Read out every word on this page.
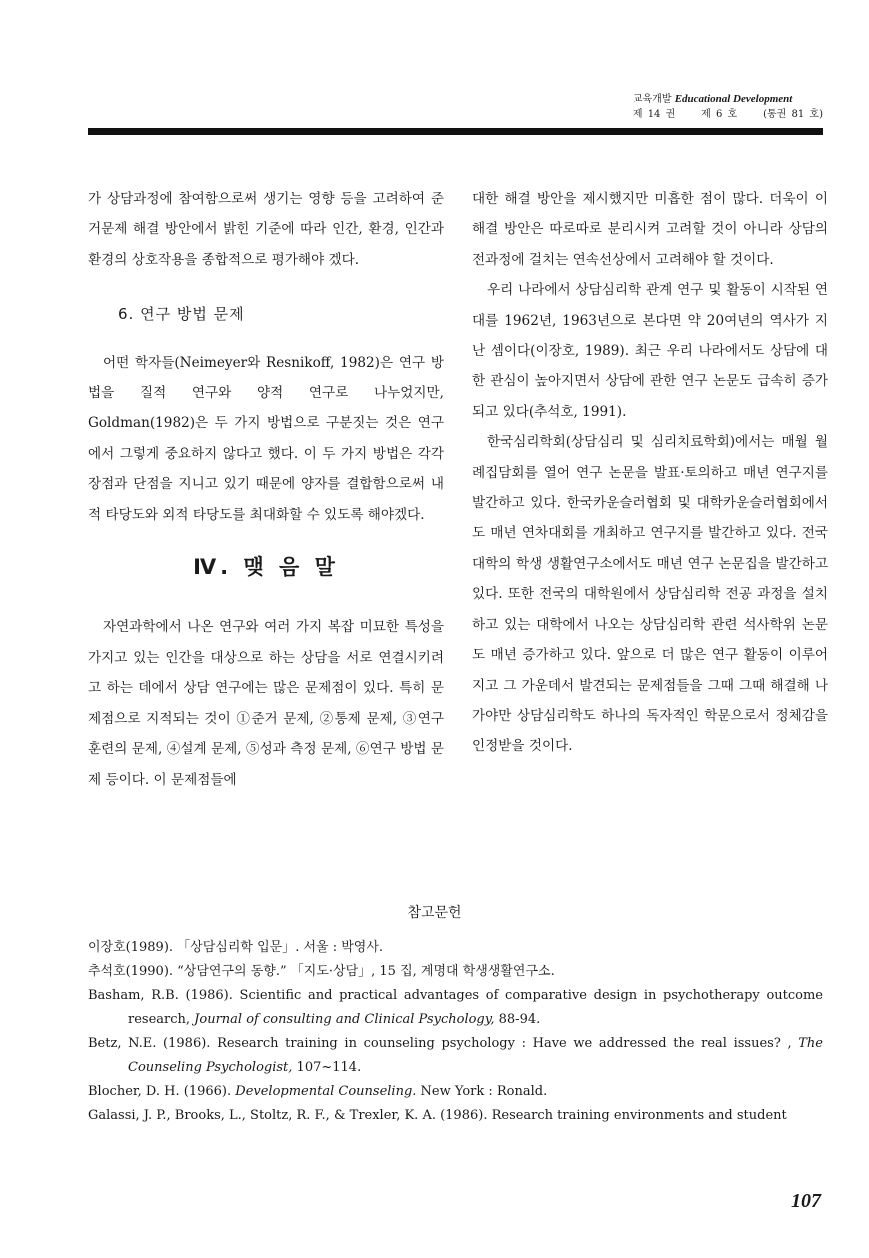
교육개발 Educational Development
제 14 권	제 6 호	(통권 81 호)

가 상담과정에 참여함으로써 생기는 영향 등을 고려하여 준거문제 해결 방안에서 밝힌 기준에 따라 인간, 환경, 인간과 환경의 상호작용을 종합적으로 평가해야 겠다.

6. 연구 방법 문제

어떤 학자들(Neimeyer와 Resnikoff, 1982)은 연구 방법을 질적 연구와 양적 연구로 나누었지만, Goldman(1982)은 두 가지 방법으로 구분짓는 것은 연구에서 그렇게 중요하지 않다고 했다. 이 두 가지 방법은 각각 장점과 단점을 지니고 있기 때문에 양자를 결합함으로써 내적 타당도와 외적 타당도를 최대화할 수 있도록 해야겠다.

Ⅳ. 맺 음 말

자연과학에서 나온 연구와 여러 가지 복잡 미묘한 특성을 가지고 있는 인간을 대상으로 하는 상담을 서로 연결시키려고 하는 데에서 상담 연구에는 많은 문제점이 있다. 특히 문제점으로 지적되는 것이 ①준거 문제, ②통제 문제, ③연구 훈련의 문제, ④설계 문제, ⑤성과 측정 문제, ⑥연구 방법 문제 등이다. 이 문제점들에

대한 해결 방안을 제시했지만 미흡한 점이 많다. 더욱이 이 해결 방안은 따로따로 분리시켜 고려할 것이 아니라 상담의 전과정에 걸치는 연속선상에서 고려해야 할 것이다.

우리 나라에서 상담심리학 관계 연구 및 활동이 시작된 연대를 1962년, 1963년으로 본다면 약 20여년의 역사가 지난 셈이다(이장호, 1989). 최근 우리 나라에서도 상담에 대한 관심이 높아지면서 상담에 관한 연구 논문도 급속히 증가되고 있다(추석호, 1991).

한국심리학회(상담심리 및 심리치료학회)에서는 매월 월례집담회를 열어 연구 논문을 발표·토의하고 매년 연구지를 발간하고 있다. 한국카운슬러협회 및 대학카운슬러협회에서도 매년 연차대회를 개최하고 연구지를 발간하고 있다. 전국 대학의 학생 생활연구소에서도 매년 연구 논문집을 발간하고 있다. 또한 전국의 대학원에서 상담심리학 전공 과정을 설치하고 있는 대학에서 나오는 상담심리학 관련 석사학위 논문도 매년 증가하고 있다. 앞으로 더 많은 연구 활동이 이루어지고 그 가운데서 발견되는 문제점들을 그때 그때 해결해 나가야만 상담심리학도 하나의 독자적인 학문으로서 정체감을 인정받을 것이다.

참고문헌
이장호(1989). 「상담심리학 입문」. 서울 : 박영사.
추석호(1990). “상담연구의 동향.” 「지도·상담」, 15 집, 계명대 학생생활연구소.
Basham, R.B. (1986). Scientific and practical advantages of comparative design in psychotherapy outcome research, Journal of consulting and Clinical Psychology, 88-94.
Betz, N.E. (1986). Research training in counseling psychology : Have we addressed the real issues? , The Counseling Psychologist, 107~114.
Blocher, D. H. (1966). Developmental Counseling. New York : Ronald.
Galassi, J. P., Brooks, L., Stoltz, R. F., & Trexler, K. A. (1986). Research training environments and student
107
